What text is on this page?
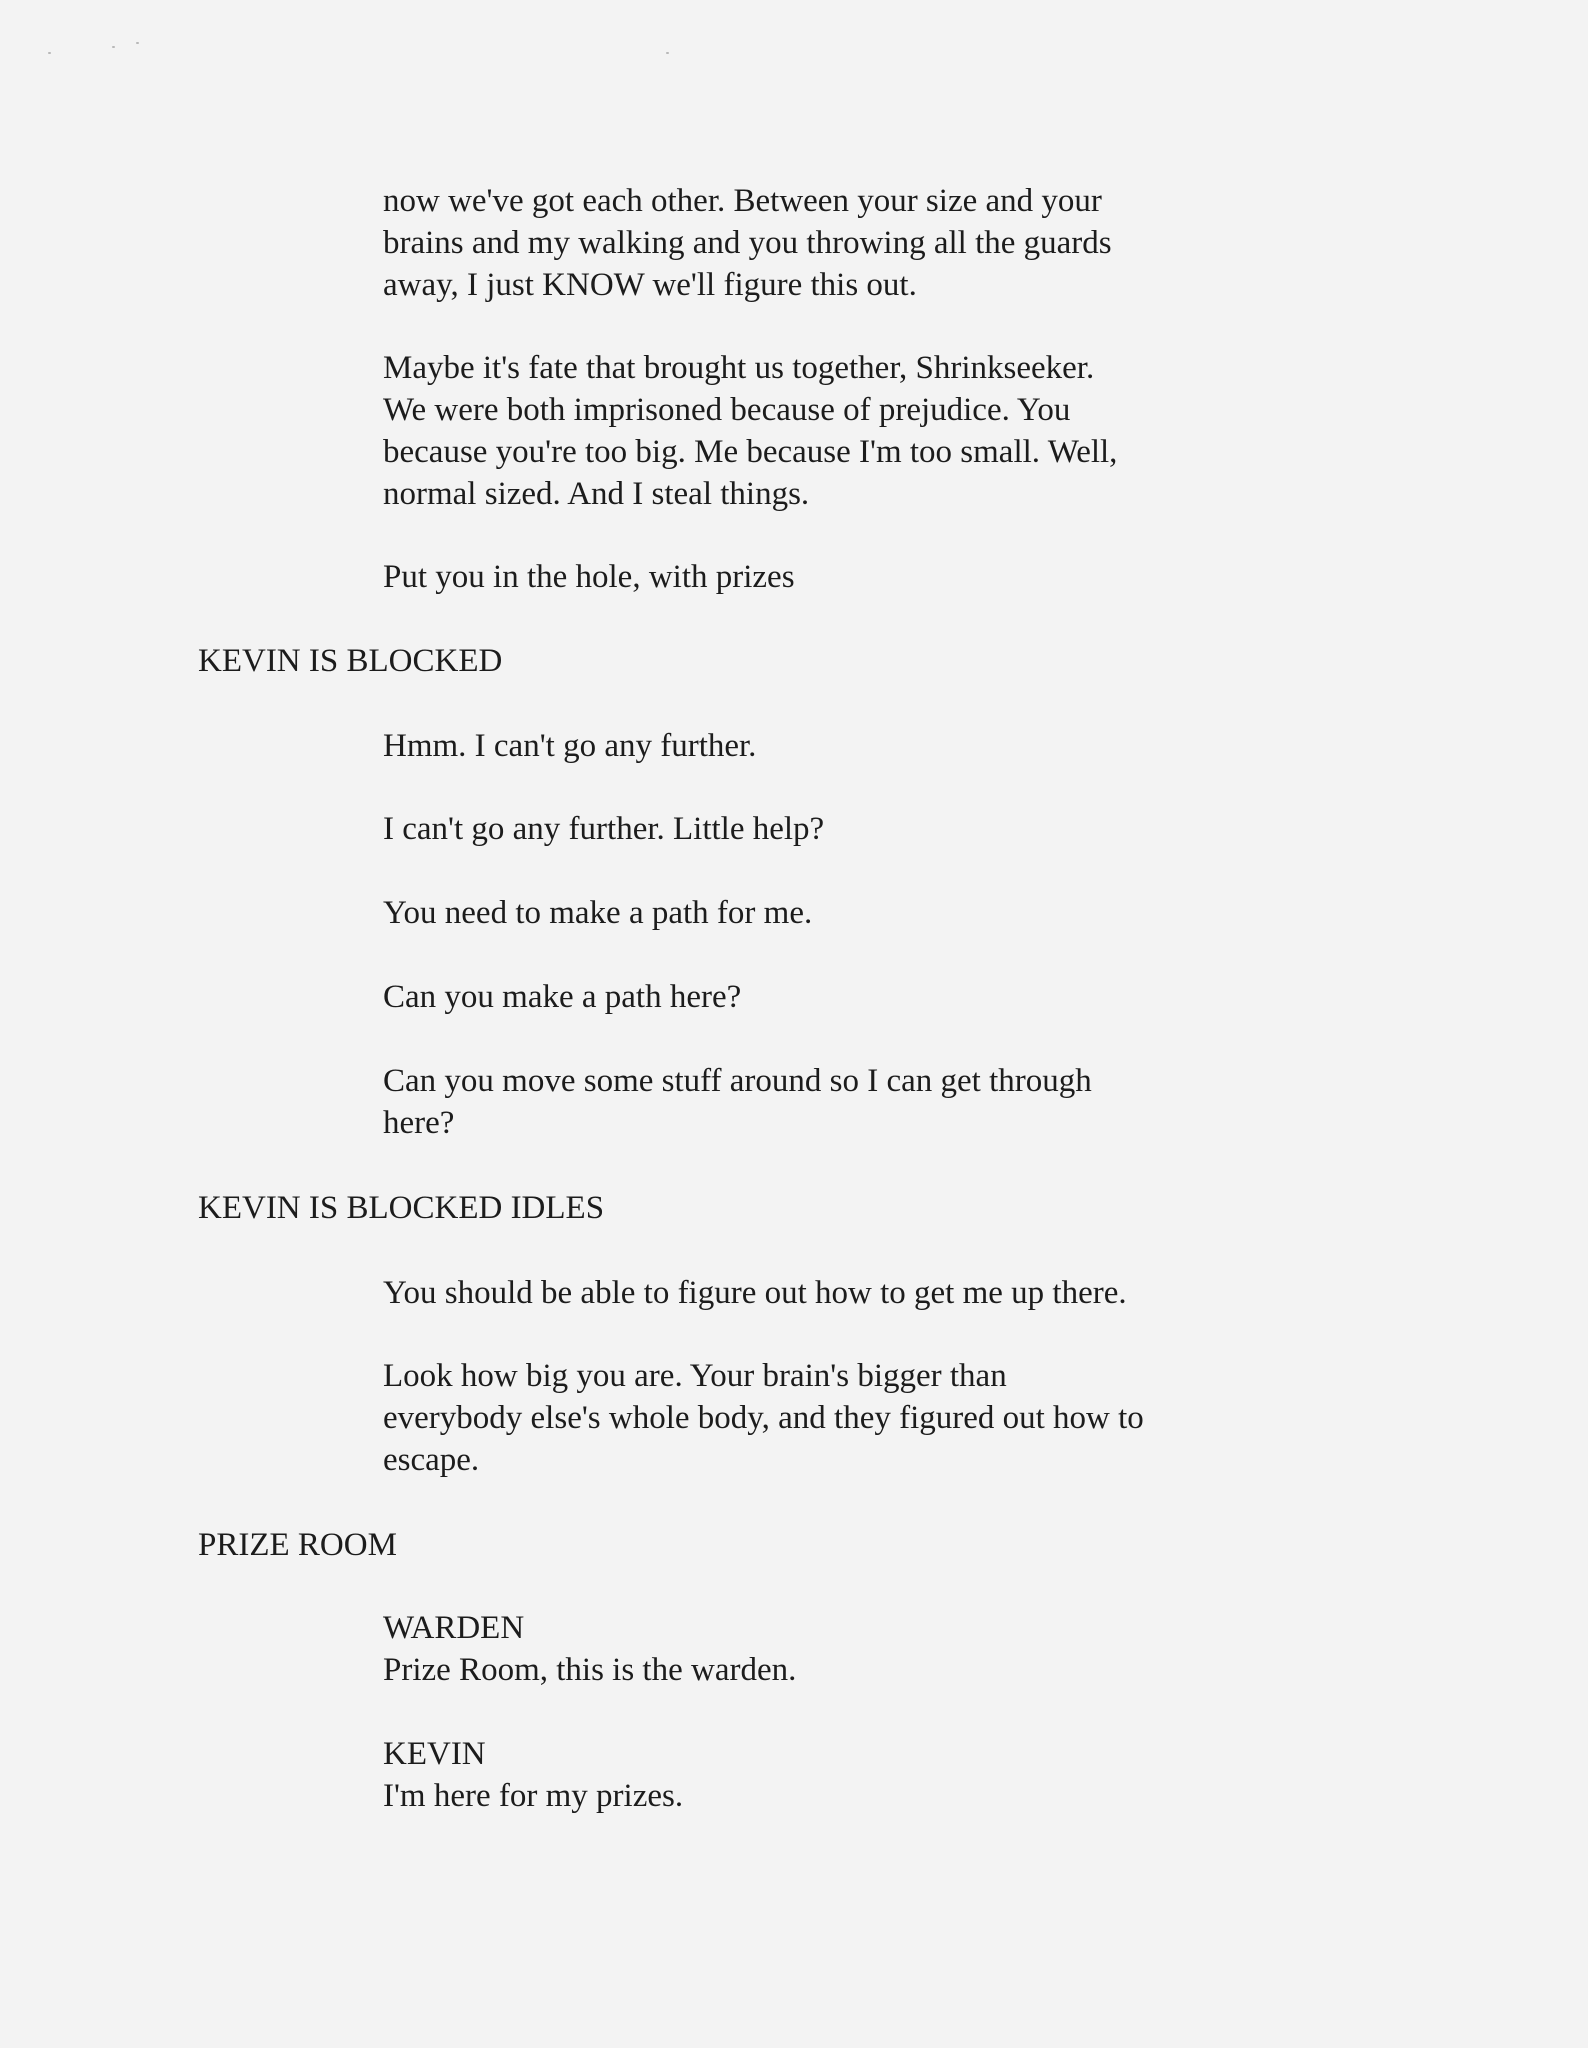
now we've got each other. Between your size and your
brains and my walking and you throwing all the guards
away, I just KNOW we'll figure this out.
Maybe it's fate that brought us together, Shrinkseeker.
We were both imprisoned because of prejudice. You
because you're too big. Me because I'm too small. Well,
normal sized. And I steal things.
Put you in the hole, with prizes
KEVIN IS BLOCKED
Hmm. I can't go any further.
I can't go any further. Little help?
You need to make a path for me.
Can you make a path here?
Can you move some stuff around so I can get through
here?
KEVIN IS BLOCKED IDLES
You should be able to figure out how to get me up there.
Look how big you are. Your brain's bigger than
everybody else's whole body, and they figured out how to
escape.
PRIZE ROOM
WARDEN
Prize Room, this is the warden.
KEVIN
I'm here for my prizes.
